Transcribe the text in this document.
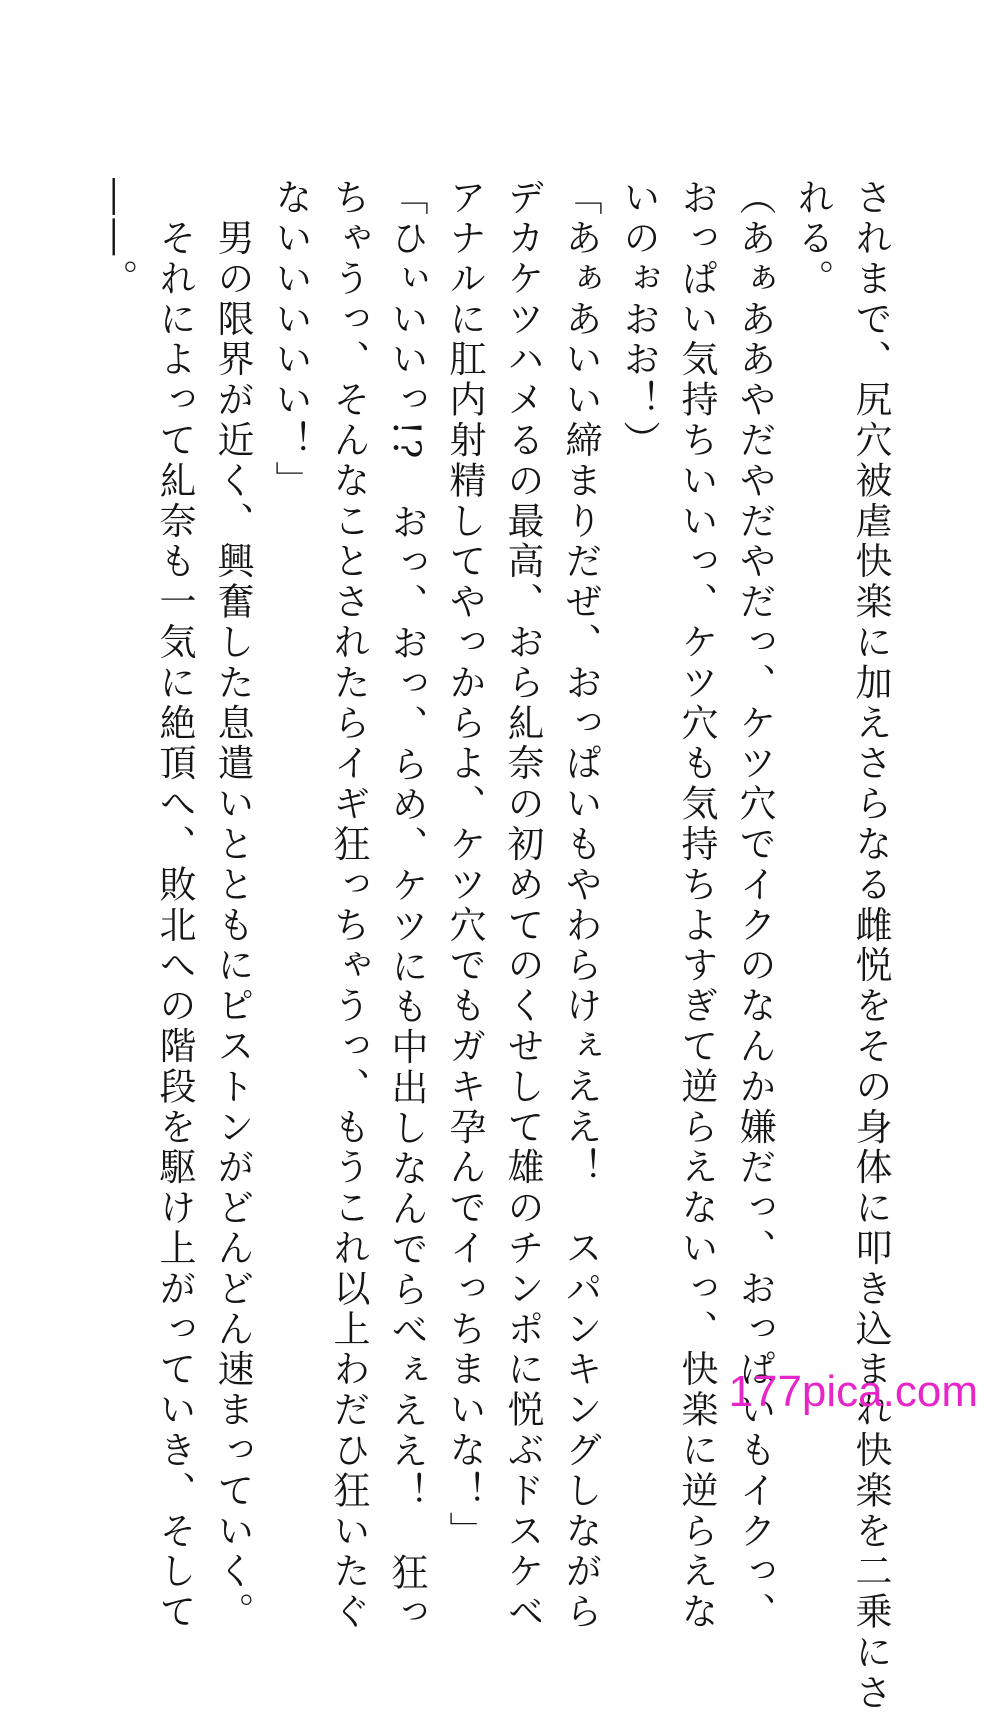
されまで、尻穴被虐快楽に加えさらなる雌悦をその身体に叩き込まれ快楽を二乗にさ
れる。
（あぁああやだやだやだっ、ケツ穴でイクのなんか嫌だっ、おっぱいもイクっ、
おっぱい気持ちいいっ、ケツ穴も気持ちよすぎて逆らえないっ、快楽に逆らえな
いのぉおお！）
「あぁあいい締まりだぜ、おっぱいもやわらけぇええ！　スパンキングしながら
デカケツハメるの最高、おら糺奈の初めてのくせして雄のチンポに悦ぶドスケベ
アナルに肛内射精してやっからよ、ケツ穴でもガキ孕んでイっちまいな！」
「ひぃいいっ!?　おっ、おっ、らめ、ケツにも中出しなんでらべぇええ！　狂っ
ちゃうっ、そんなことされたらイギ狂っちゃうっ、もうこれ以上わだひ狂いたぐ
ないいいいい！」
　男の限界が近く、興奮した息遣いとともにピストンがどんどん速まっていく。
　それによって糺奈も一気に絶頂へ、敗北への階段を駆け上がっていき、そして
――。
177pica.com
